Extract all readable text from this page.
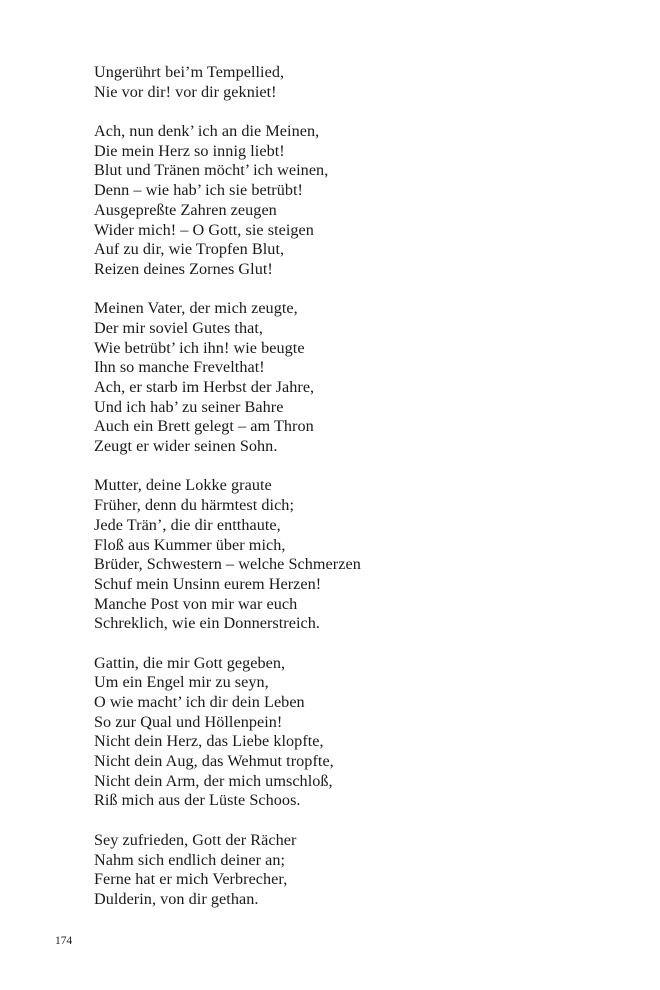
Ungerührt bei’m Tempellied,
Nie vor dir! vor dir gekniet!
Ach, nun denk’ ich an die Meinen,
Die mein Herz so innig liebt!
Blut und Tränen möcht’ ich weinen,
Denn – wie hab’ ich sie betrübt!
Ausgepreßte Zahren zeugen
Wider mich! – O Gott, sie steigen
Auf zu dir, wie Tropfen Blut,
Reizen deines Zornes Glut!
Meinen Vater, der mich zeugte,
Der mir soviel Gutes that,
Wie betrübt’ ich ihn! wie beugte
Ihn so manche Frevelthat!
Ach, er starb im Herbst der Jahre,
Und ich hab’ zu seiner Bahre
Auch ein Brett gelegt – am Thron
Zeugt er wider seinen Sohn.
Mutter, deine Lokke graute
Früher, denn du härmtest dich;
Jede Trän’, die dir entthaute,
Floß aus Kummer über mich,
Brüder, Schwestern – welche Schmerzen
Schuf mein Unsinn eurem Herzen!
Manche Post von mir war euch
Schreklich, wie ein Donnerstreich.
Gattin, die mir Gott gegeben,
Um ein Engel mir zu seyn,
O wie macht’ ich dir dein Leben
So zur Qual und Höllenpein!
Nicht dein Herz, das Liebe klopfte,
Nicht dein Aug, das Wehmut tropfte,
Nicht dein Arm, der mich umschloß,
Riß mich aus der Lüste Schoos.
Sey zufrieden, Gott der Rächer
Nahm sich endlich deiner an;
Ferne hat er mich Verbrecher,
Dulderin, von dir gethan.
174
